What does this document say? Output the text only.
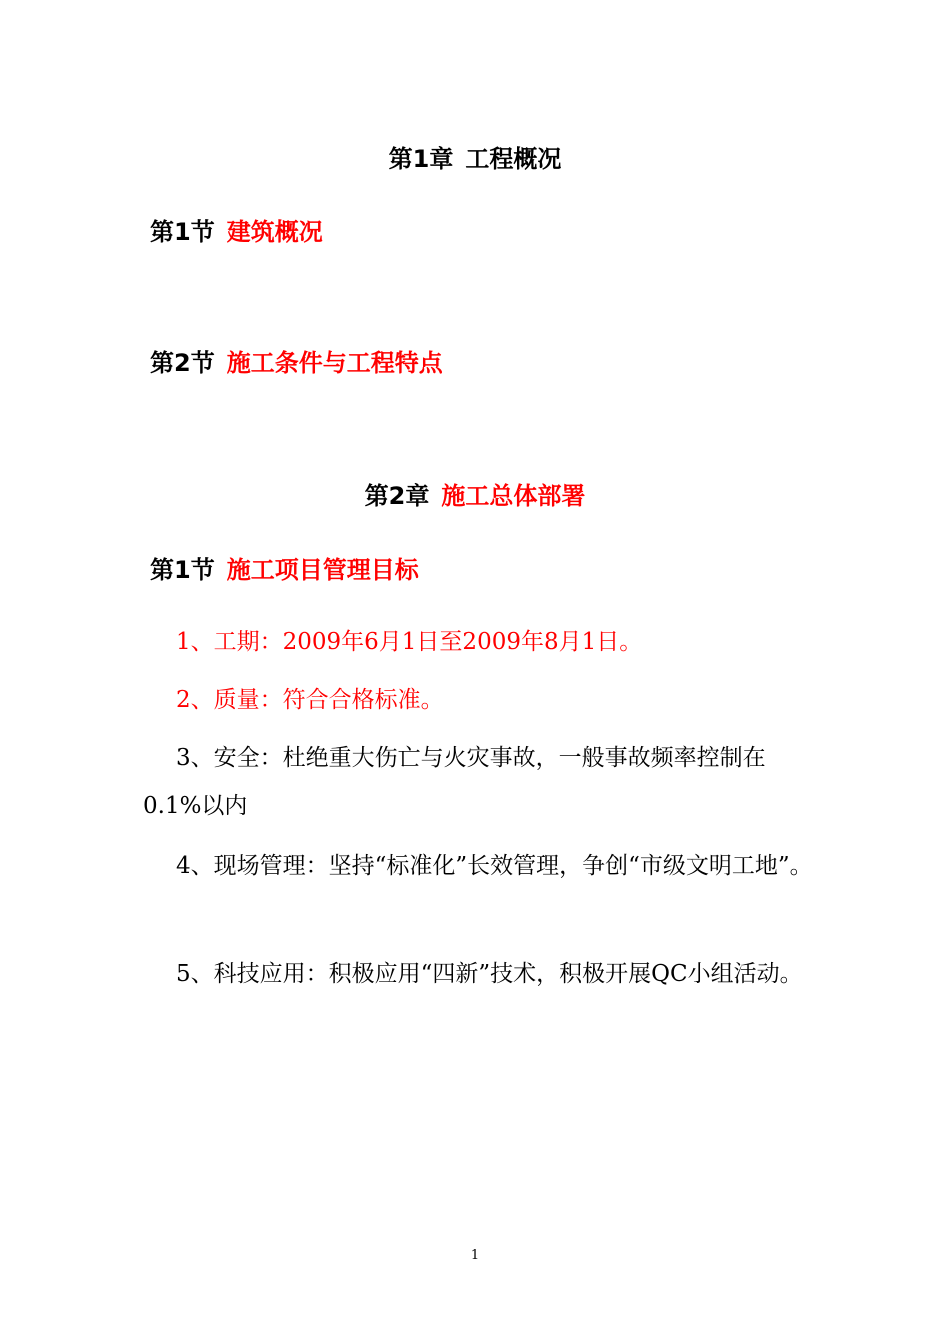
第1章 工程概况
第1节 建筑概况
第2节 施工条件与工程特点
第2章 施工总体部署
第1节 施工项目管理目标

1、工期：2009年6月1日至2009年8月1日。

2、质量：符合合格标准。

3、安全：杜绝重大伤亡与火灾事故，一般事故频率控制在0.1%以内

4、现场管理：坚持“标准化”长效管理，争创“市级文明工地”。

5、科技应用：积极应用“四新”技术，积极开展QC小组活动。

1
